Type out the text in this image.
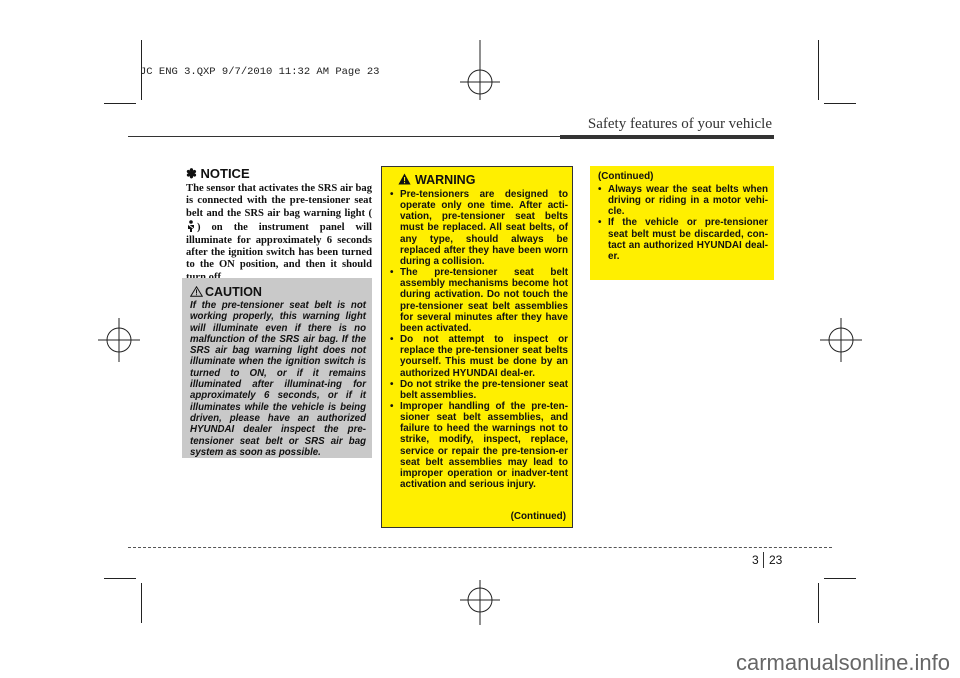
JC ENG 3.QXP 9/7/2010 11:32 AM Page 23
Safety features of your vehicle
✽ NOTICE
The sensor that activates the SRS air bag is connected with the pre-tensioner seat belt and the SRS air bag warning light () on the instrument panel will illuminate for approximately 6 seconds after the ignition switch has been turned to the ON position, and then it should
CAUTION
If the pre-tensioner seat belt is not working properly, this warning light will illuminate even if there is no malfunction of the SRS air bag. If the SRS air bag warning light does not illuminate when the ignition switch is turned to ON, or if it remains illuminated after illuminat-ing for approximately 6 seconds, or if it illuminates while the vehicle is being driven, please have an authorized HYUNDAI dealer inspect the pre-tensioner seat belt or SRS air bag system as soon as possible.
WARNING
• Pre-tensioners are designed to operate only one time. After acti-vation, pre-tensioner seat belts must be replaced. All seat belts, of any type, should always be replaced after they have been worn during a collision.
• The pre-tensioner seat belt assembly mechanisms become hot during activation. Do not touch the pre-tensioner seat belt assemblies for several minutes after they have been activated.
• Do not attempt to inspect or replace the pre-tensioner seat belts yourself. This must be done by an authorized HYUNDAI deal-er.
• Do not strike the pre-tensioner seat belt assemblies.
• Improper handling of the pre-ten-sioner seat belt assemblies, and failure to heed the warnings not to strike, modify, inspect, replace, service or repair the pre-tension-er seat belt assemblies may lead to improper operation or inadver-tent activation and serious injury.
(Continued)
(Continued)
• Always wear the seat belts when driving or riding in a motor vehi-cle.
• If the vehicle or pre-tensioner seat belt must be discarded, con-tact an authorized HYUNDAI deal-er.
3 23
carmanualsonline.info
